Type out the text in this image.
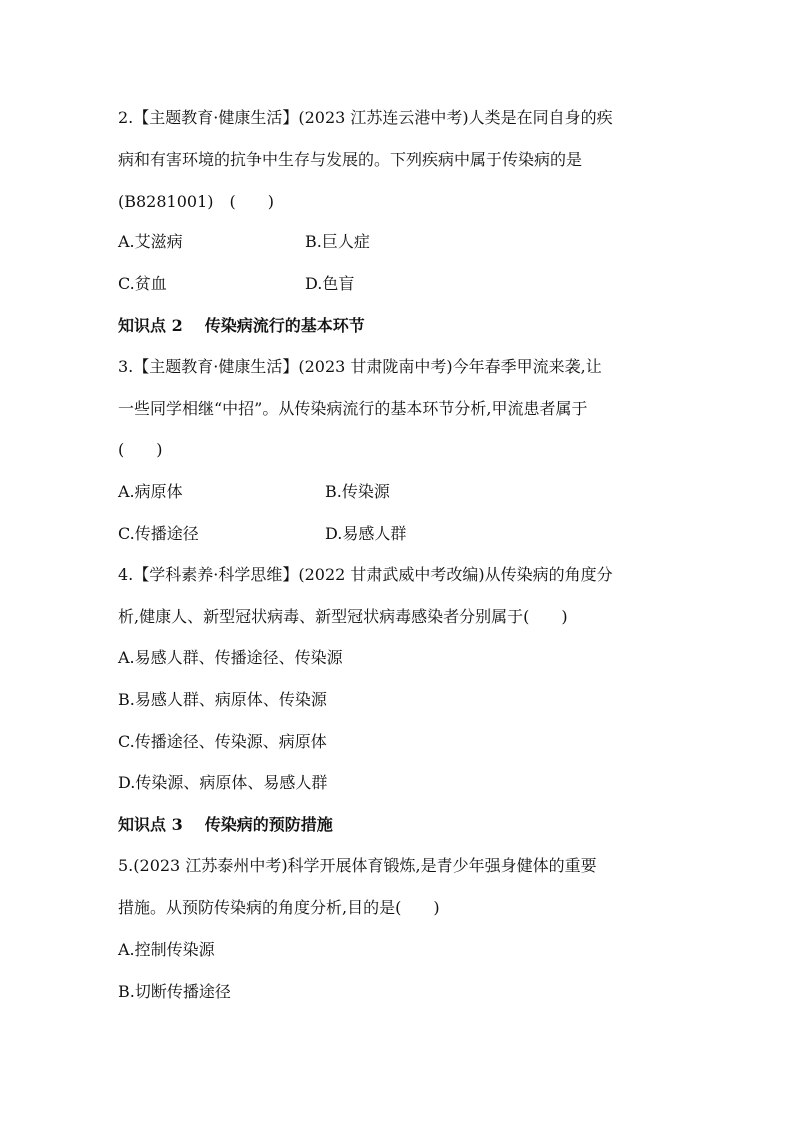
2.【主题教育·健康生活】(2023 江苏连云港中考)人类是在同自身的疾
病和有害环境的抗争中生存与发展的。下列疾病中属于传染病的是
(B8281001)　(　　)
A.艾滋病	B.巨人症
C.贫血	D.色盲
知识点 2 传染病流行的基本环节
3.【主题教育·健康生活】(2023 甘肃陇南中考)今年春季甲流来袭,让
一些同学相继“中招”。从传染病流行的基本环节分析,甲流患者属于
(　　)
A.病原体	B.传染源
C.传播途径	D.易感人群
4.【学科素养·科学思维】(2022 甘肃武威中考改编)从传染病的角度分
析,健康人、新型冠状病毒、新型冠状病毒感染者分别属于(　　)
A.易感人群、传播途径、传染源
B.易感人群、病原体、传染源
C.传播途径、传染源、病原体
D.传染源、病原体、易感人群
知识点 3 传染病的预防措施
5.(2023 江苏泰州中考)科学开展体育锻炼,是青少年强身健体的重要
措施。从预防传染病的角度分析,目的是(　　)
A.控制传染源
B.切断传播途径
